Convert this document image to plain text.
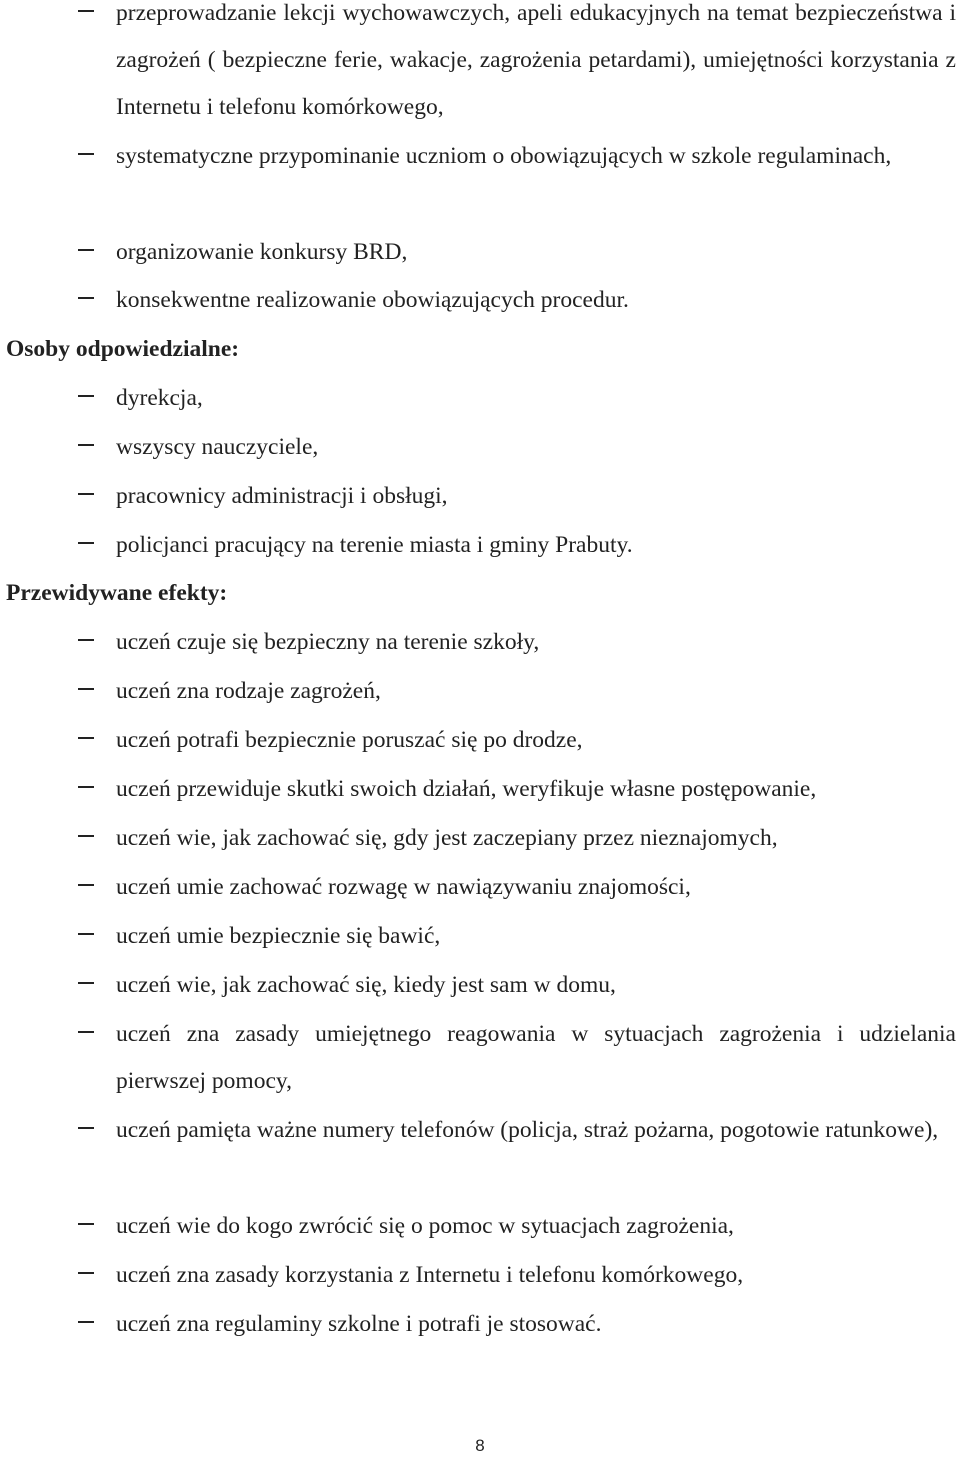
przeprowadzanie lekcji wychowawczych, apeli edukacyjnych na temat bezpieczeństwa i zagrożeń ( bezpieczne ferie, wakacje, zagrożenia petardami), umiejętności korzystania z Internetu i telefonu komórkowego,
systematyczne przypominanie uczniom o obowiązujących w szkole regulaminach,
organizowanie konkursy BRD,
konsekwentne realizowanie obowiązujących procedur.
Osoby odpowiedzialne:
dyrekcja,
wszyscy nauczyciele,
pracownicy administracji i obsługi,
policjanci pracujący na terenie miasta i gminy Prabuty.
Przewidywane efekty:
uczeń czuje się bezpieczny na terenie szkoły,
uczeń zna rodzaje zagrożeń,
uczeń potrafi bezpiecznie poruszać się po drodze,
uczeń przewiduje skutki swoich działań, weryfikuje własne postępowanie,
uczeń wie, jak zachować się, gdy jest zaczepiany przez nieznajomych,
uczeń umie zachować rozwagę w nawiązywaniu znajomości,
uczeń umie bezpiecznie się bawić,
uczeń wie, jak zachować się, kiedy jest sam w domu,
uczeń zna zasady umiejętnego reagowania w sytuacjach zagrożenia i udzielania pierwszej pomocy,
uczeń pamięta ważne numery telefonów (policja, straż pożarna, pogotowie ratunkowe),
uczeń wie do kogo zwrócić się o pomoc w sytuacjach zagrożenia,
uczeń zna zasady korzystania z Internetu i telefonu komórkowego,
uczeń zna regulaminy szkolne i potrafi je stosować.
8
